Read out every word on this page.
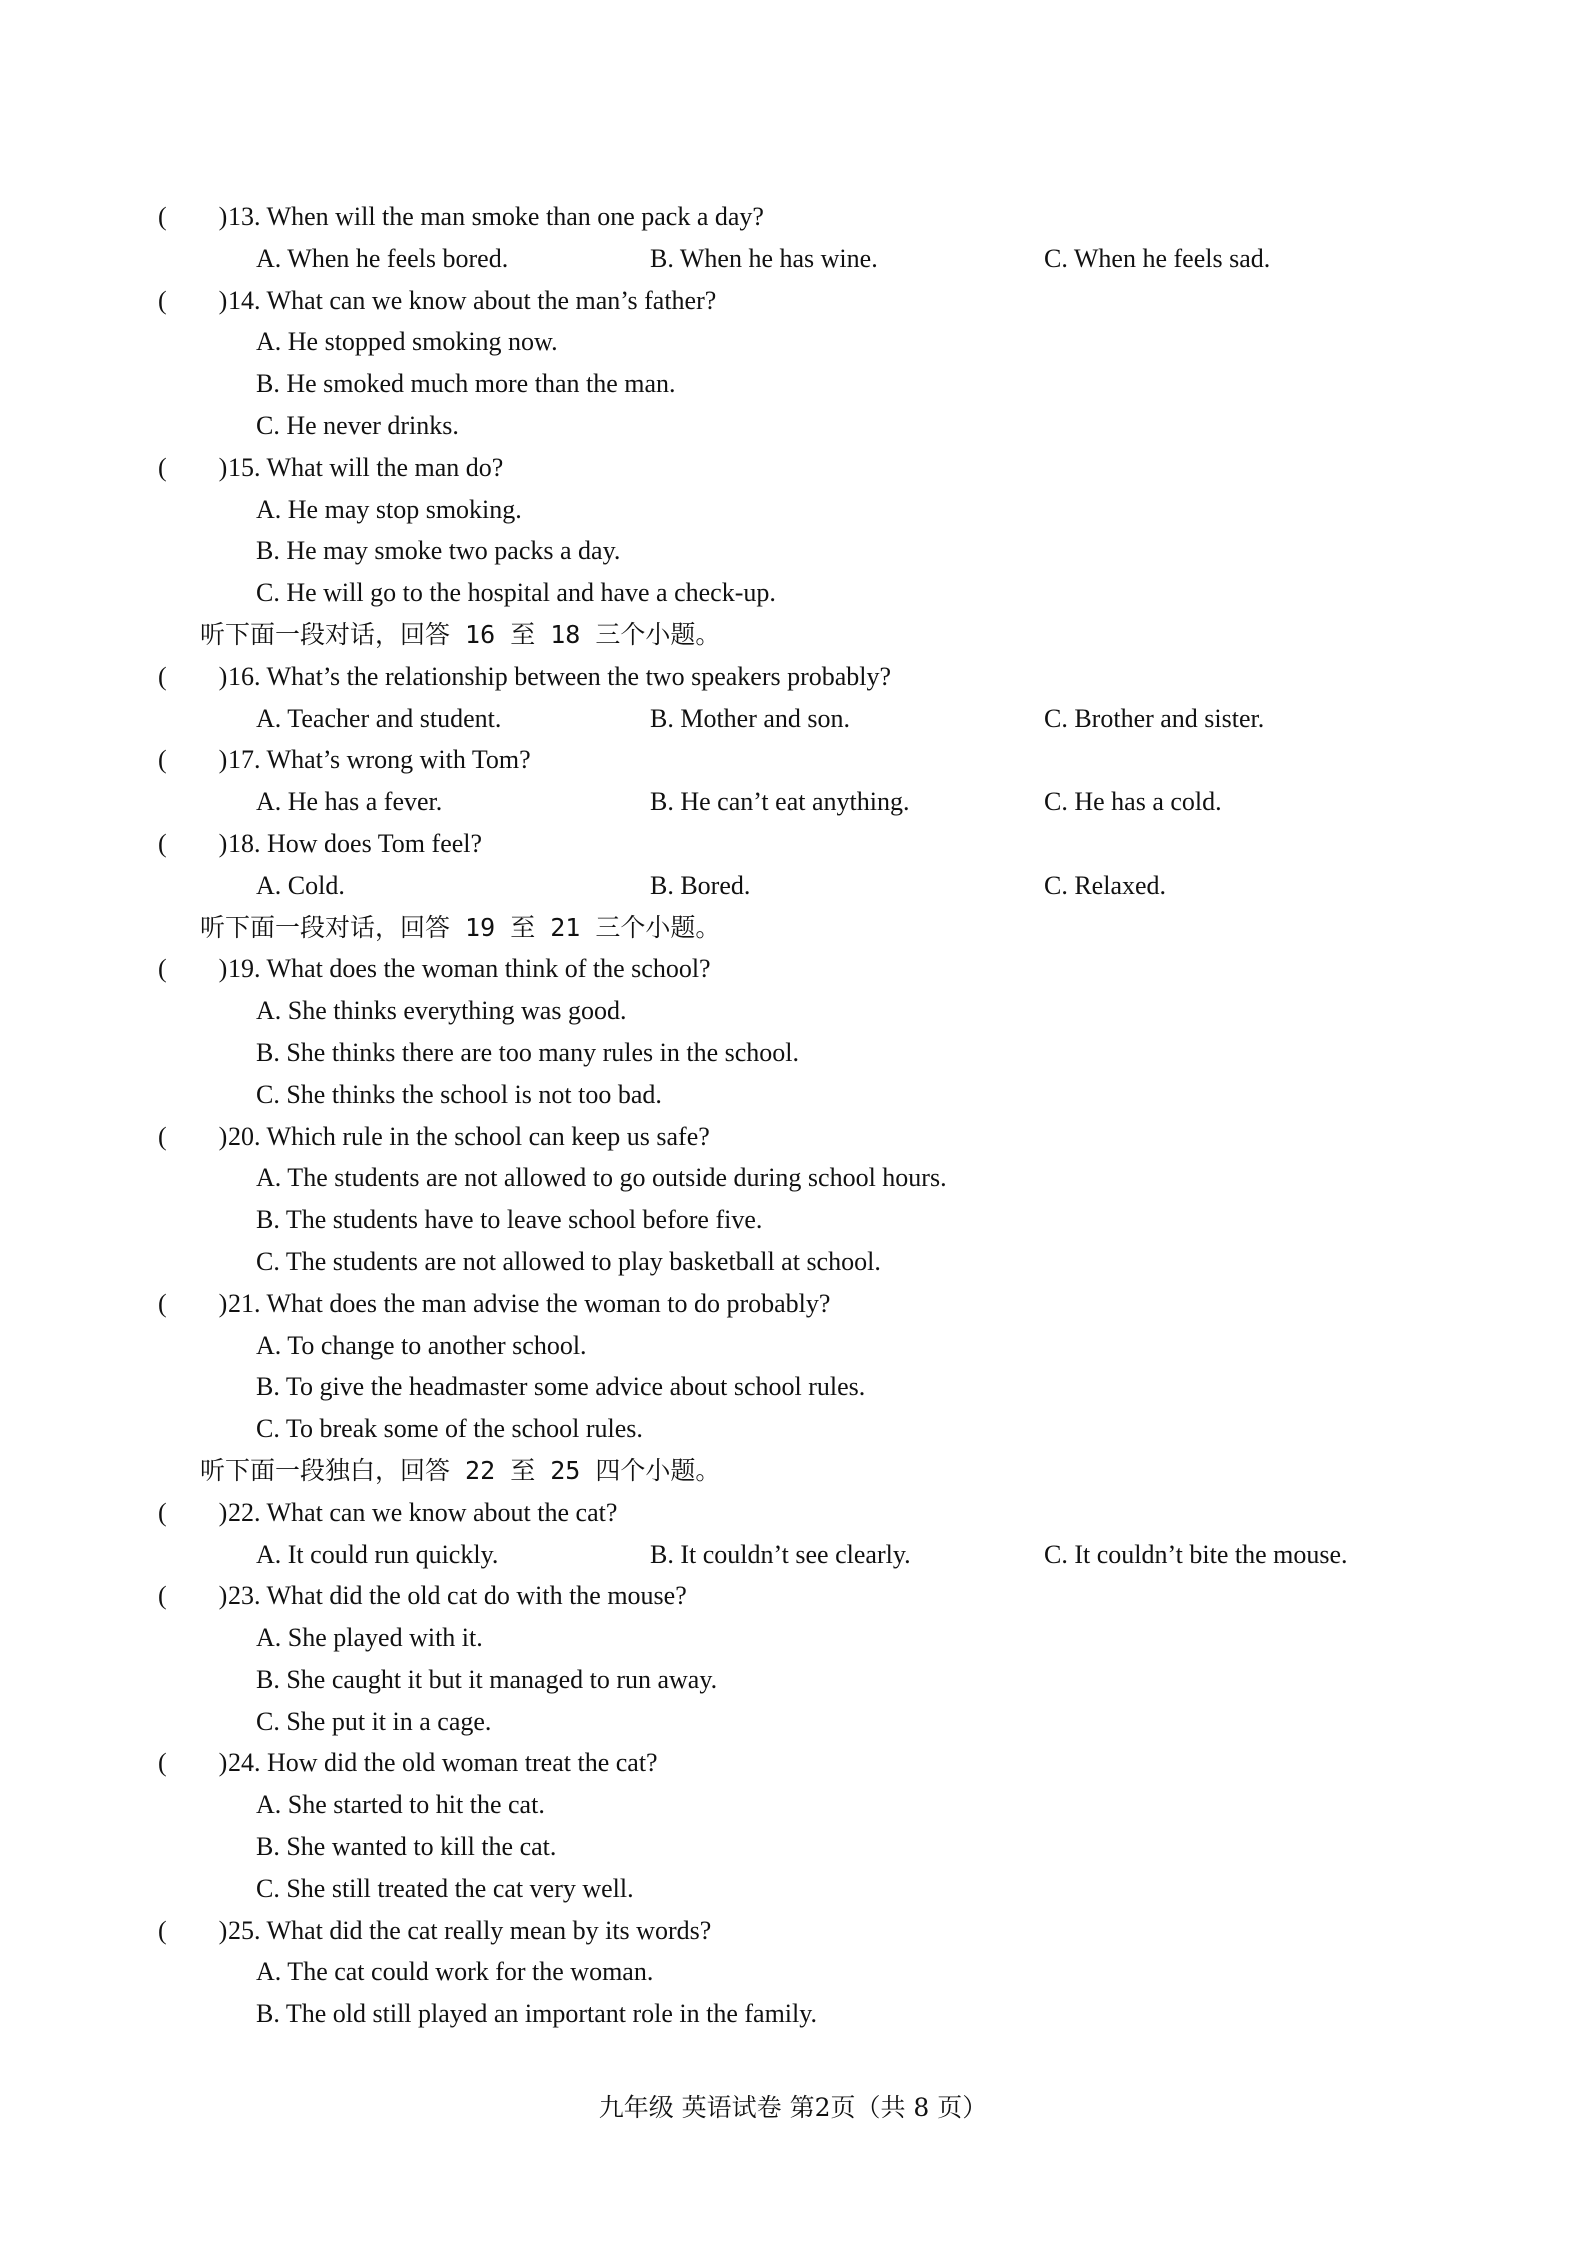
(　　)13. When will the man smoke than one pack a day?
A. When he feels bored.	B. When he has wine.	C. When he feels sad.
(　　)14. What can we know about the man’s father?
A. He stopped smoking now.
B. He smoked much more than the man.
C. He never drinks.
(　　)15. What will the man do?
A. He may stop smoking.
B. He may smoke two packs a day.
C. He will go to the hospital and have a check-up.
听下面一段对话，回答 16 至 18 三个小题。
(　　)16. What’s the relationship between the two speakers probably?
A. Teacher and student.	B. Mother and son.	C. Brother and sister.
(　　)17. What’s wrong with Tom?
A. He has a fever.	B. He can’t eat anything.	C. He has a cold.
(　　)18. How does Tom feel?
A. Cold.	B. Bored.	C. Relaxed.
听下面一段对话，回答 19 至 21 三个小题。
(　　)19. What does the woman think of the school?
A. She thinks everything was good.
B. She thinks there are too many rules in the school.
C. She thinks the school is not too bad.
(　　)20. Which rule in the school can keep us safe?
A. The students are not allowed to go outside during school hours.
B. The students have to leave school before five.
C. The students are not allowed to play basketball at school.
(　　)21. What does the man advise the woman to do probably?
A. To change to another school.
B. To give the headmaster some advice about school rules.
C. To break some of the school rules.
听下面一段独白，回答 22 至 25 四个小题。
(　　)22. What can we know about the cat?
A. It could run quickly.	B. It couldn’t see clearly.	C. It couldn’t bite the mouse.
(　　)23. What did the old cat do with the mouse?
A. She played with it.
B. She caught it but it managed to run away.
C. She put it in a cage.
(　　)24. How did the old woman treat the cat?
A. She started to hit the cat.
B. She wanted to kill the cat.
C. She still treated the cat very well.
(　　)25. What did the cat really mean by its words?
A. The cat could work for the woman.
B. The old still played an important role in the family.
九年级 英语试卷 第2页（共 8 页）
